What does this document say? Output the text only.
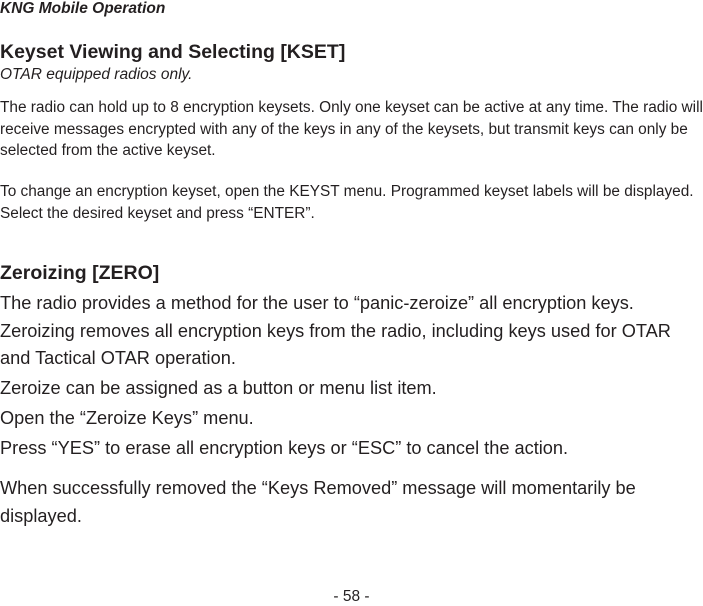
KNG Mobile Operation
Keyset Viewing and Selecting [KSET]
OTAR equipped radios only.
The radio can hold up to 8 encryption keysets. Only one keyset can be active at any time. The radio will receive messages encrypted with any of the keys in any of the keysets, but transmit keys can only be selected from the active keyset.
To change an encryption keyset, open the KEYST menu. Programmed keyset labels will be displayed. Select the desired keyset and press “ENTER”.
Zeroizing [ZERO]
The radio provides a method for the user to “panic-zeroize” all encryption keys. Zeroizing removes all encryption keys from the radio, including keys used for OTAR and Tactical OTAR operation.
Zeroize can be assigned as a button or menu list item.
Open the “Zeroize Keys” menu.
Press “YES” to erase all encryption keys or “ESC” to cancel the action.
When successfully removed the “Keys Removed” message will momentarily be displayed.
- 58 -
